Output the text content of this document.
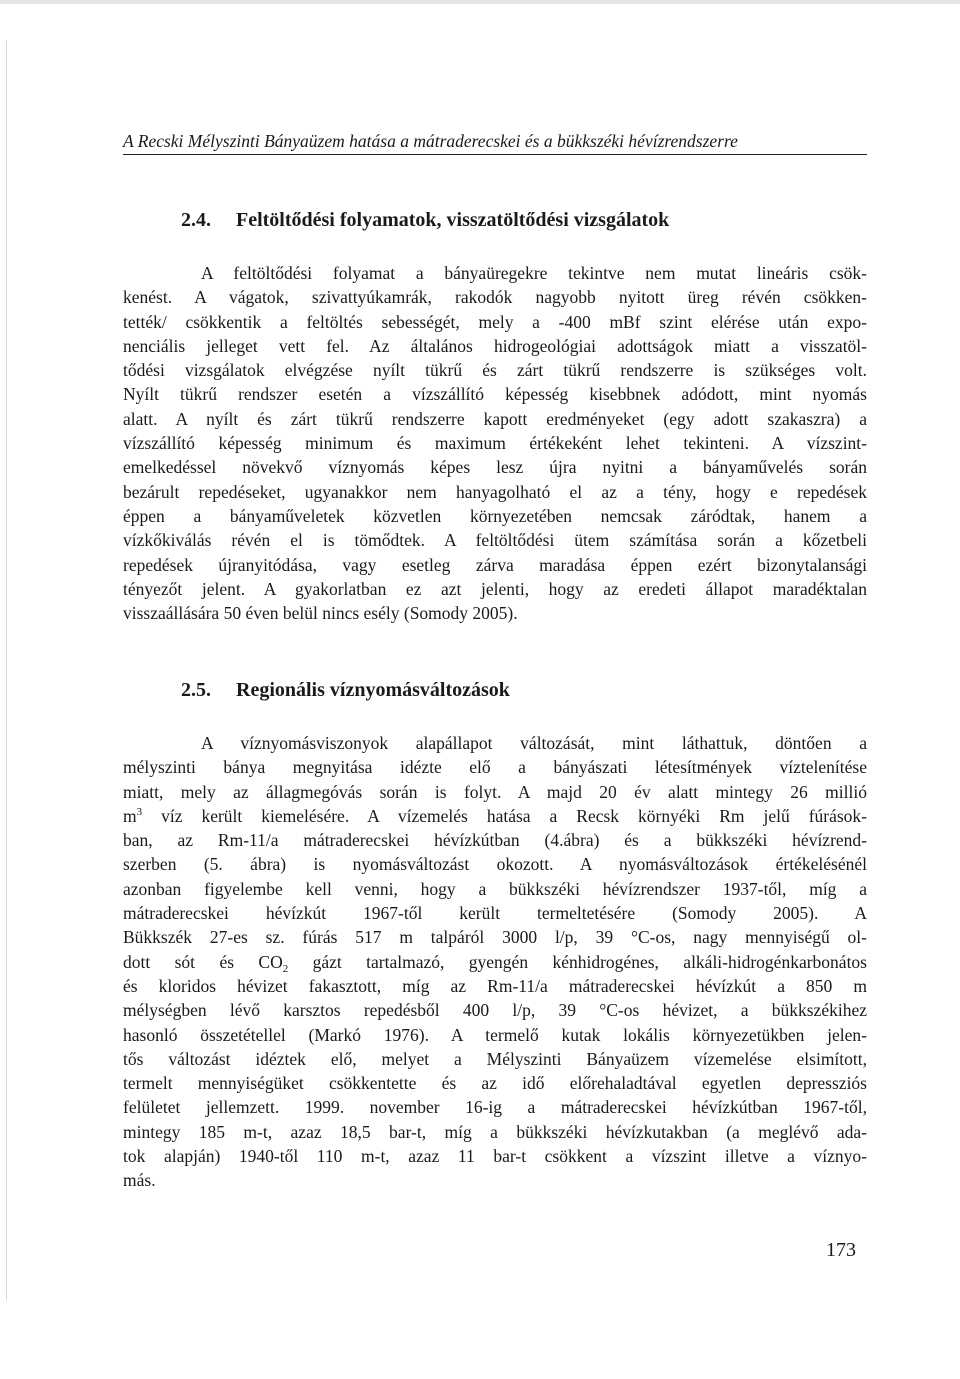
A Recski Mélyszinti Bányaüzem hatása a mátraderecskei és a bükkszéki hévízrendszerre
2.4.	Feltöltődési folyamatok, visszatöltődési vizsgálatok
A feltöltődési folyamat a bányaüregekre tekintve nem mutat lineáris csök-
kenést. A vágatok, szivattyúkamrák, rakodók nagyobb nyitott üreg révén csökken-
tették/ csökkentik a feltöltés sebességét, mely a -400 mBf szint elérése után expo-
nenciális jelleget vett fel. Az általános hidrogeológiai adottságok miatt a visszatöl-
tődési vizsgálatok elvégzése nyílt tükrű és zárt tükrű rendszerre is szükséges volt.
Nyílt tükrű rendszer esetén a vízszállító képesség kisebbnek adódott, mint nyomás
alatt. A nyílt és zárt tükrű rendszerre kapott eredményeket (egy adott szakaszra) a
vízszállító képesség minimum és maximum értékeként lehet tekinteni. A vízszint-
emelkedéssel növekvő víznyomás képes lesz újra nyitni a bányaművelés során
bezárult repedéseket, ugyanakkor nem hanyagolható el az a tény, hogy e repedések
éppen a bányaműveletek közvetlen környezetében nemcsak záródtak, hanem a
vízkőkiválás révén el is tömődtek. A feltöltődési ütem számítása során a kőzetbeli
repedések újranyitódása, vagy esetleg zárva maradása éppen ezért bizonytalansági
tényezőt jelent. A gyakorlatban ez azt jelenti, hogy az eredeti állapot maradéktalan
visszaállására 50 éven belül nincs esély (Somody 2005).
2.5.	Regionális víznyomásváltozások
A víznyomásviszonyok alapállapot változását, mint láthattuk, döntően a
mélyszinti bánya megnyitása idézte elő a bányászati létesítmények víztelenítése
miatt, mely az állagmegóvás során is folyt. A majd 20 év alatt mintegy 26 millió
$m^3$ víz került kiemelésére. A vízemelés hatása a Recsk környéki Rm jelű fúrások-
ban, az Rm-11/a mátraderecskei hévízkútban (4.ábra) és a bükkszéki hévízrend-
szerben (5. ábra) is nyomásváltozást okozott. A nyomásváltozások értékelésénél
azonban figyelembe kell venni, hogy a bükkszéki hévízrendszer 1937-től, míg a
mátraderecskei hévízkút 1967-től került termeltetésére (Somody 2005). A
Bükkszék 27-es sz. fúrás 517 m talpáról 3000 l/p, 39 °C-os, nagy mennyiségű ol-
dott sót és $CO_2$ gázt tartalmazó, gyengén kénhidrogénes, alkáli-hidrogénkarbonátos
és kloridos hévizet fakasztott, míg az Rm-11/a mátraderecskei hévízkút a 850 m
mélységben lévő karsztos repedésből 400 l/p, 39 °C-os hévizet, a bükkszékihez
hasonló összetétellel (Markó 1976). A termelő kutak lokális környezetükben jelen-
tős változást idéztek elő, melyet a Mélyszinti Bányaüzem vízemelése elsimított,
termelt mennyiségüket csökkentette és az idő előrehaladtával egyetlen depressziós
felületet jellemzett. 1999. november 16-ig a mátraderecskei hévízkútban 1967-től,
mintegy 185 m-t, azaz 18,5 bar-t, míg a bükkszéki hévízkutakban (a meglévő ada-
tok alapján) 1940-től 110 m-t, azaz 11 bar-t csökkent a vízszint illetve a víznyo-
más.
173
